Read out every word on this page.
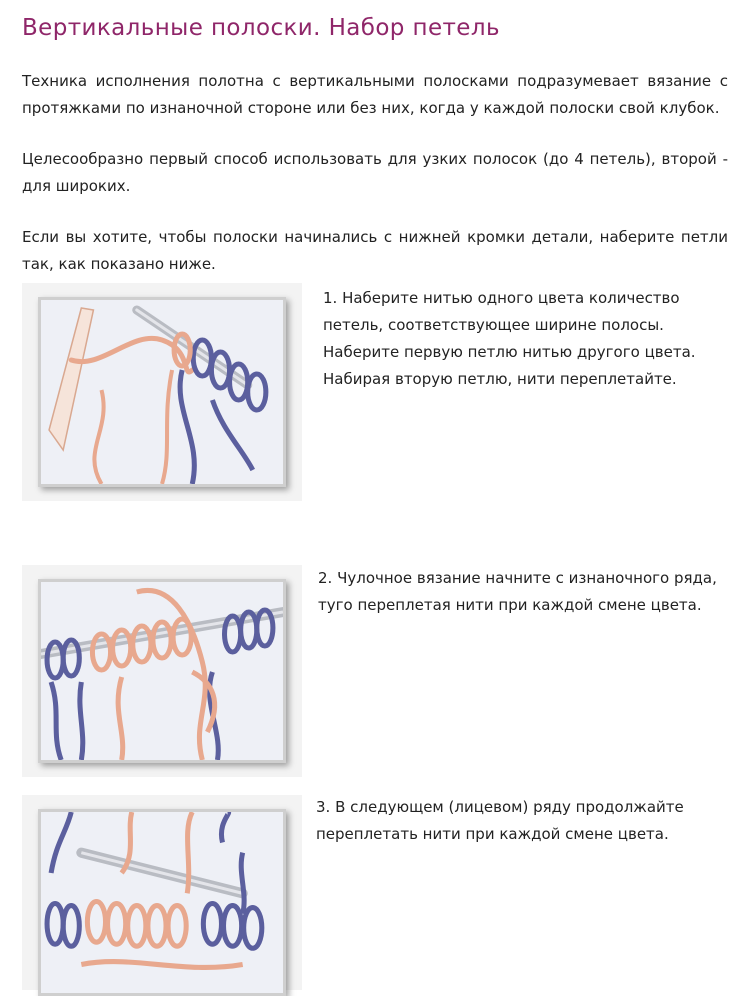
Вертикальные полоски. Набор петель

Техника исполнения полотна с вертикальными полосками подразумевает вязание с протяжками по изнаночной стороне или без них, когда у каждой полоски свой клубок.

Целесообразно первый способ использовать для узких полосок (до 4 петель), второй - для широких.

Если вы хотите, чтобы полоски начинались с нижней кромки детали, наберите петли так, как показано ниже.

1. Наберите нитью одного цвета количество петель, соответствующее ширине полосы. Наберите первую петлю нитью другого цвета. Набирая вторую петлю, нити переплетайте.

2. Чулочное вязание начните с изнаночного ряда, туго переплетая нити при каждой смене цвета.

3. В следующем (лицевом) ряду продолжайте переплетать нити при каждой смене цвета.
